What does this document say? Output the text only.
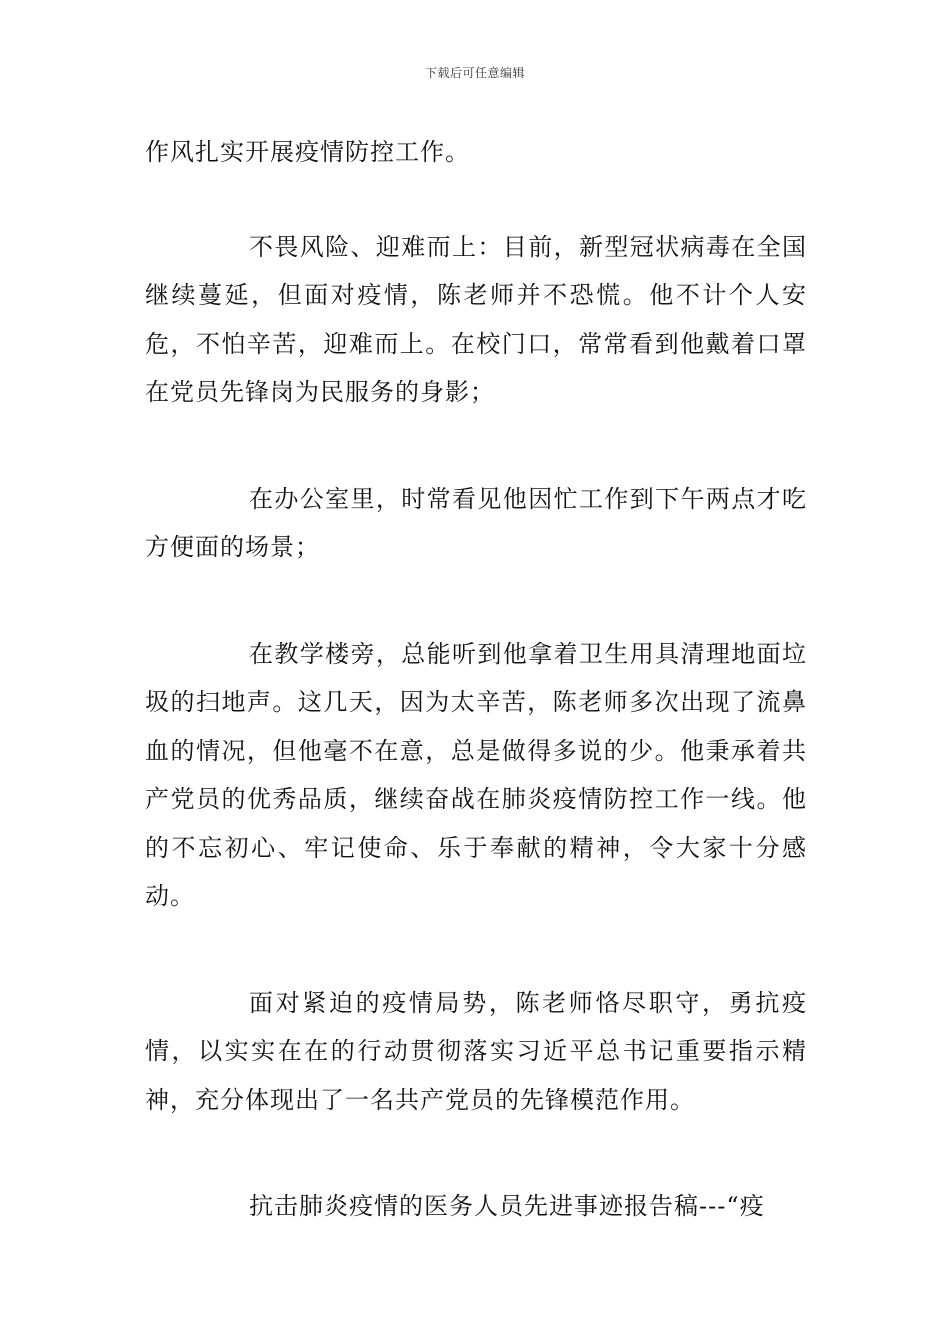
下载后可任意编辑

作风扎实开展疫情防控工作。

不畏风险、迎难而上：目前，新型冠状病毒在全国继续蔓延，但面对疫情，陈老师并不恐慌。他不计个人安危，不怕辛苦，迎难而上。在校门口，常常看到他戴着口罩在党员先锋岗为民服务的身影；

在办公室里，时常看见他因忙工作到下午两点才吃方便面的场景；

在教学楼旁，总能听到他拿着卫生用具清理地面垃圾的扫地声。这几天，因为太辛苦，陈老师多次出现了流鼻血的情况，但他毫不在意，总是做得多说的少。他秉承着共产党员的优秀品质，继续奋战在肺炎疫情防控工作一线。他的不忘初心、牢记使命、乐于奉献的精神，令大家十分感动。

面对紧迫的疫情局势，陈老师恪尽职守，勇抗疫情，以实实在在的行动贯彻落实习近平总书记重要指示精神，充分体现出了一名共产党员的先锋模范作用。

抗击肺炎疫情的医务人员先进事迹报告稿---“疫
